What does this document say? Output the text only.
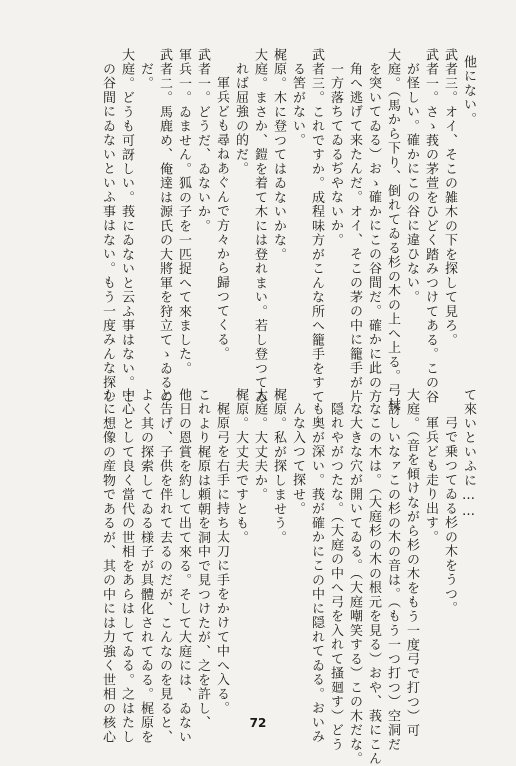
他にない。
武者三。オイ、そこの雑木の下を探して見ろ。
武者一。さゝ莪の茅萱をひどく踏みつけてある。この谷
が怪しい。確かにこの谷に違ひない。
大庭。（馬から下り、倒れてゐる杉の木の上へ上る。弓杖
を突いてゐる）おゝ確かにこの谷間だ。確かに此の方
角へ逃げて来たんだ。オイ、そこの茅の中に籠手が片
一方落ちてゐるぢやないか。
武者三。これですか。成程味方がこんな所へ籠手をすて
る筈がない。
梶原。木に登つてはゐないかな。
大庭。まさか、鎧を着て木には登れまい。若し登つてゐ
れば屈強の的だ。
軍兵ども尋ねあぐんで方々から歸つてくる。
武者一。どうだ、ゐないか。
軍兵一。ゐません。狐の子を一匹捉へて來ました。
武者二。馬鹿め、俺達は源氏の大將軍を狩立てゝゐるの
だ。
大庭。どうも可訝しい。莪にゐないと云ふ事はない。こ
の谷間にゐないといふ事はない。もう一度みんな探し
て來いといふに……
弓で乗つてゐる杉の木をうつ。
軍兵ども走り出す。
大庭。（音を傾けながら杉の木をもう一度弓で打つ）可
訝しいなァこの杉の木の音は。（もう一つ打つ）空洞だ
なこの木は。（大庭杉の木の根元を見る）おや、莪にこん
な大きな穴が開いてゐる。（大庭嘲笑する）この木だな。
隠れやがつたな。（大庭の中へ弓を入れて搔廻す）どう
も奥が深い。莪が確かにこの中に隠れてゐる。おいみ
んな入つて探せ。
梶原。私が探しませう。
大庭。大丈夫か。
梶原。大丈夫ですとも。
梶原弓を右手に持ち太刀に手をかけて中へ入る。
これより梶原は頼朝を洞中で見つけたが、之を許し、
他日の恩賞を約して出て來る。そして大庭には、ゐない
と告げ、子供を伴れて去るのだが、こんなのを見ると、
よく其の探索してゐる様子が具體化されてゐる。梶原を
中心として良く當代の世相をあらはしてゐる。之はたし
かに想像の産物であるが、其の中には力強く世相の核心	72
